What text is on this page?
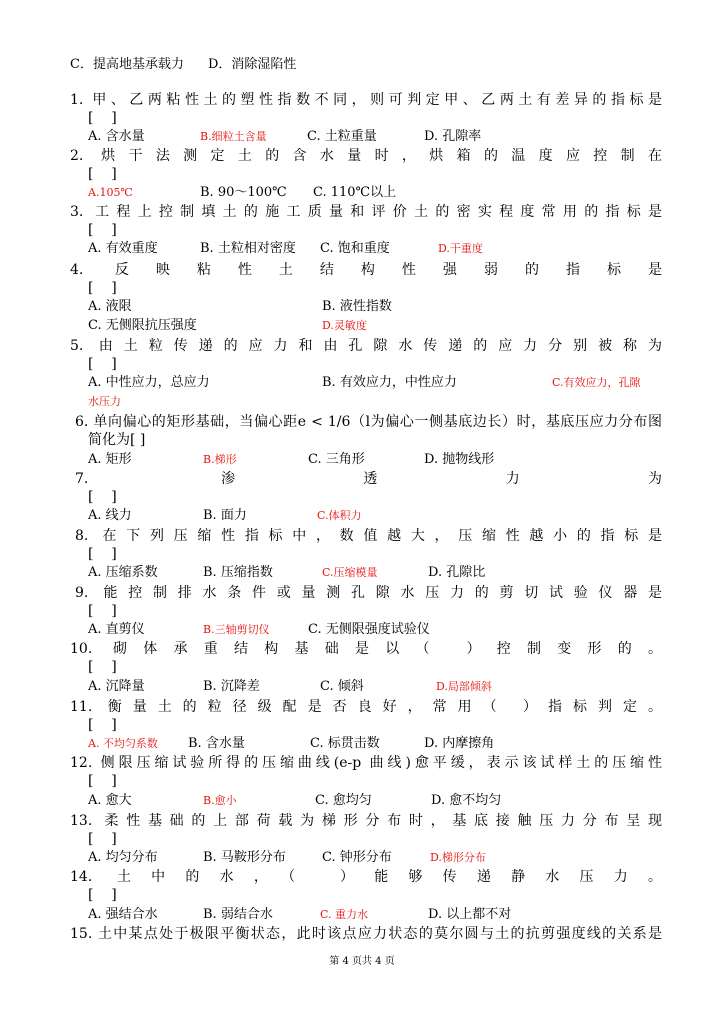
C．提高地基承载力 D．消除湿陷性
1. 甲、乙两粘性土的塑性指数不同，则可判定甲、乙两土有差异的指标是
[    ]
A. 含水量	B.细粒土含量	C. 土粒重量	D. 孔隙率
2. 烘干法测定土的含水量时，烘箱的温度应控制在
[    ]
A.105℃	B. 90～100℃ C. 110℃以上
3. 工程上控制填土的施工质量和评价土的密实程度常用的指标是
[    ]
A. 有效重度	B. 土粒相对密度 C. 饱和重度	D.干重度
4. 反映粘性土结构性强弱的指标是
[    ]
A. 液限	B. 液性指数
C. 无侧限抗压强度	D.灵敏度
5. 由土粒传递的应力和由孔隙水传递的应力分别被称为
[    ]
A. 中性应力，总应力	B. 有效应力，中性应力	C.有效应力，孔隙
水压力
6. 单向偏心的矩形基础，当偏心距e < 1/6（l为偏心一侧基底边长）时，基底压应力分布图
简化为[ ]
A. 矩形	B.梯形	C. 三角形	D. 抛物线形
7. 渗透力为
[    ]
A. 线力	B. 面力	C.体积力
8. 在下列压缩性指标中，数值越大，压缩性越小的指标是
[    ]
A. 压缩系数	B. 压缩指数	C.压缩模量	D. 孔隙比
9. 能控制排水条件或量测孔隙水压力的剪切试验仪器是
[    ]
A. 直剪仪	B.三轴剪切仪	C. 无侧限强度试验仪
10. 砌体承重结构基础是以（ ）控制变形的。
[    ]
A. 沉降量	B. 沉降差	C. 倾斜	D.局部倾斜
11. 衡量土的粒径级配是否良好，常用（ ）指标判定。
[    ]
A. 不均匀系数 B. 含水量	C. 标贯击数	D. 内摩擦角
12. 侧限压缩试验所得的压缩曲线(e-p 曲线)愈平缓，表示该试样土的压缩性
[    ]
A. 愈大	B.愈小	C. 愈均匀	D. 愈不均匀
13. 柔性基础的上部荷载为梯形分布时，基底接触压力分布呈现
[    ]
A. 均匀分布	B. 马鞍形分布	C. 钟形分布	D.梯形分布
14. 土中的水，（ ）能够传递静水压力。
[    ]
A. 强结合水	B. 弱结合水	C. 重力水	D. 以上都不对
15. 土中某点处于极限平衡状态，此时该点应力状态的莫尔圆与土的抗剪强度线的关系是
第 4 页共 4 页
